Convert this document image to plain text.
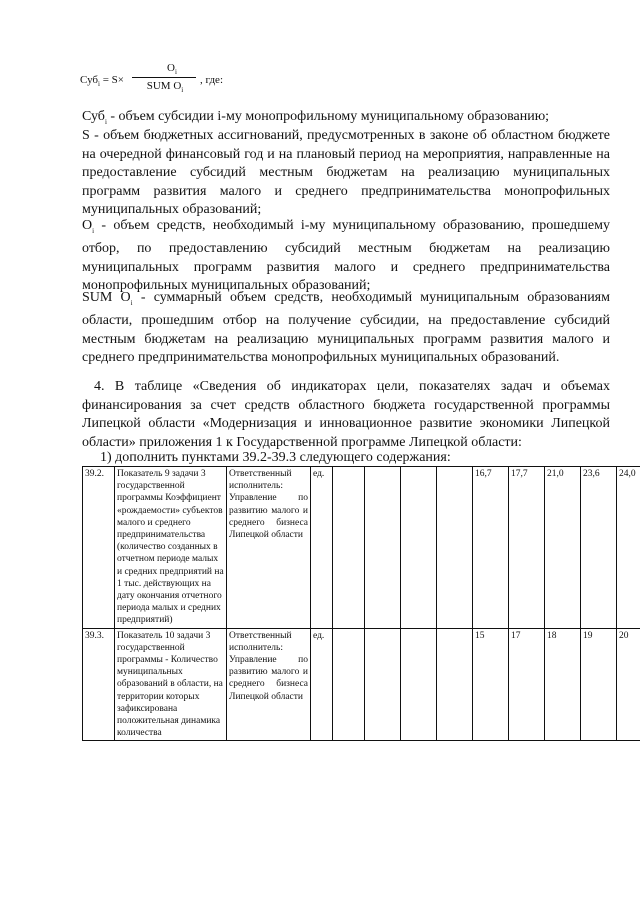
Суб$_i$ = S×
$O_i$
SUM $O_i$
, где:

Суб$_i$ - объем субсидии i-му монопрофильному муниципальному образованию;

S - объем бюджетных ассигнований, предусмотренных в законе об областном бюджете на очередной финансовый год и на плановый период на мероприятия, направленные на предоставление субсидий местным бюджетам на реализацию муниципальных программ развития малого и среднего предпринимательства монопрофильных муниципальных образований;

$O_i$ - объем средств, необходимый i-му муниципальному образованию, прошедшему отбор, по предоставлению субсидий местным бюджетам на реализацию муниципальных программ развития малого и среднего предпринимательства монопрофильных муниципальных образований;

SUM $O_i$ - суммарный объем средств, необходимый муниципальным образованиям области, прошедшим отбор на получение субсидии, на предоставление субсидий местным бюджетам на реализацию муниципальных программ развития малого и среднего предпринимательства монопрофильных муниципальных образований.

4. В таблице «Сведения об индикаторах цели, показателях задач и объемах финансирования за счет средств областного бюджета государственной программы Липецкой области «Модернизация и инновационное развитие экономики Липецкой области» приложения 1 к Государственной программе Липецкой области:

1) дополнить пунктами 39.2-39.3 следующего содержания:

39.2.	Показатель 9 задачи 3 государственной программы Коэффициент «рождаемости» субъектов малого и среднего предпринимательства (количество созданных в отчетном периоде малых и средних предприятий на 1 тыс. действующих на дату окончания отчетного периода малых и средних предприятий)	Ответственный исполнитель: Управление по развитию малого и среднего бизнеса Липецкой области	ед.					16,7	17,7	21,0	23,6	24,0
39.3.	Показатель 10 задачи 3 государственной программы - Количество муниципальных образований в области, на территории которых зафиксирована положительная динамика количества	Ответственный исполнитель: Управление по развитию малого и среднего бизнеса Липецкой области	ед.					15	17	18	19	20
